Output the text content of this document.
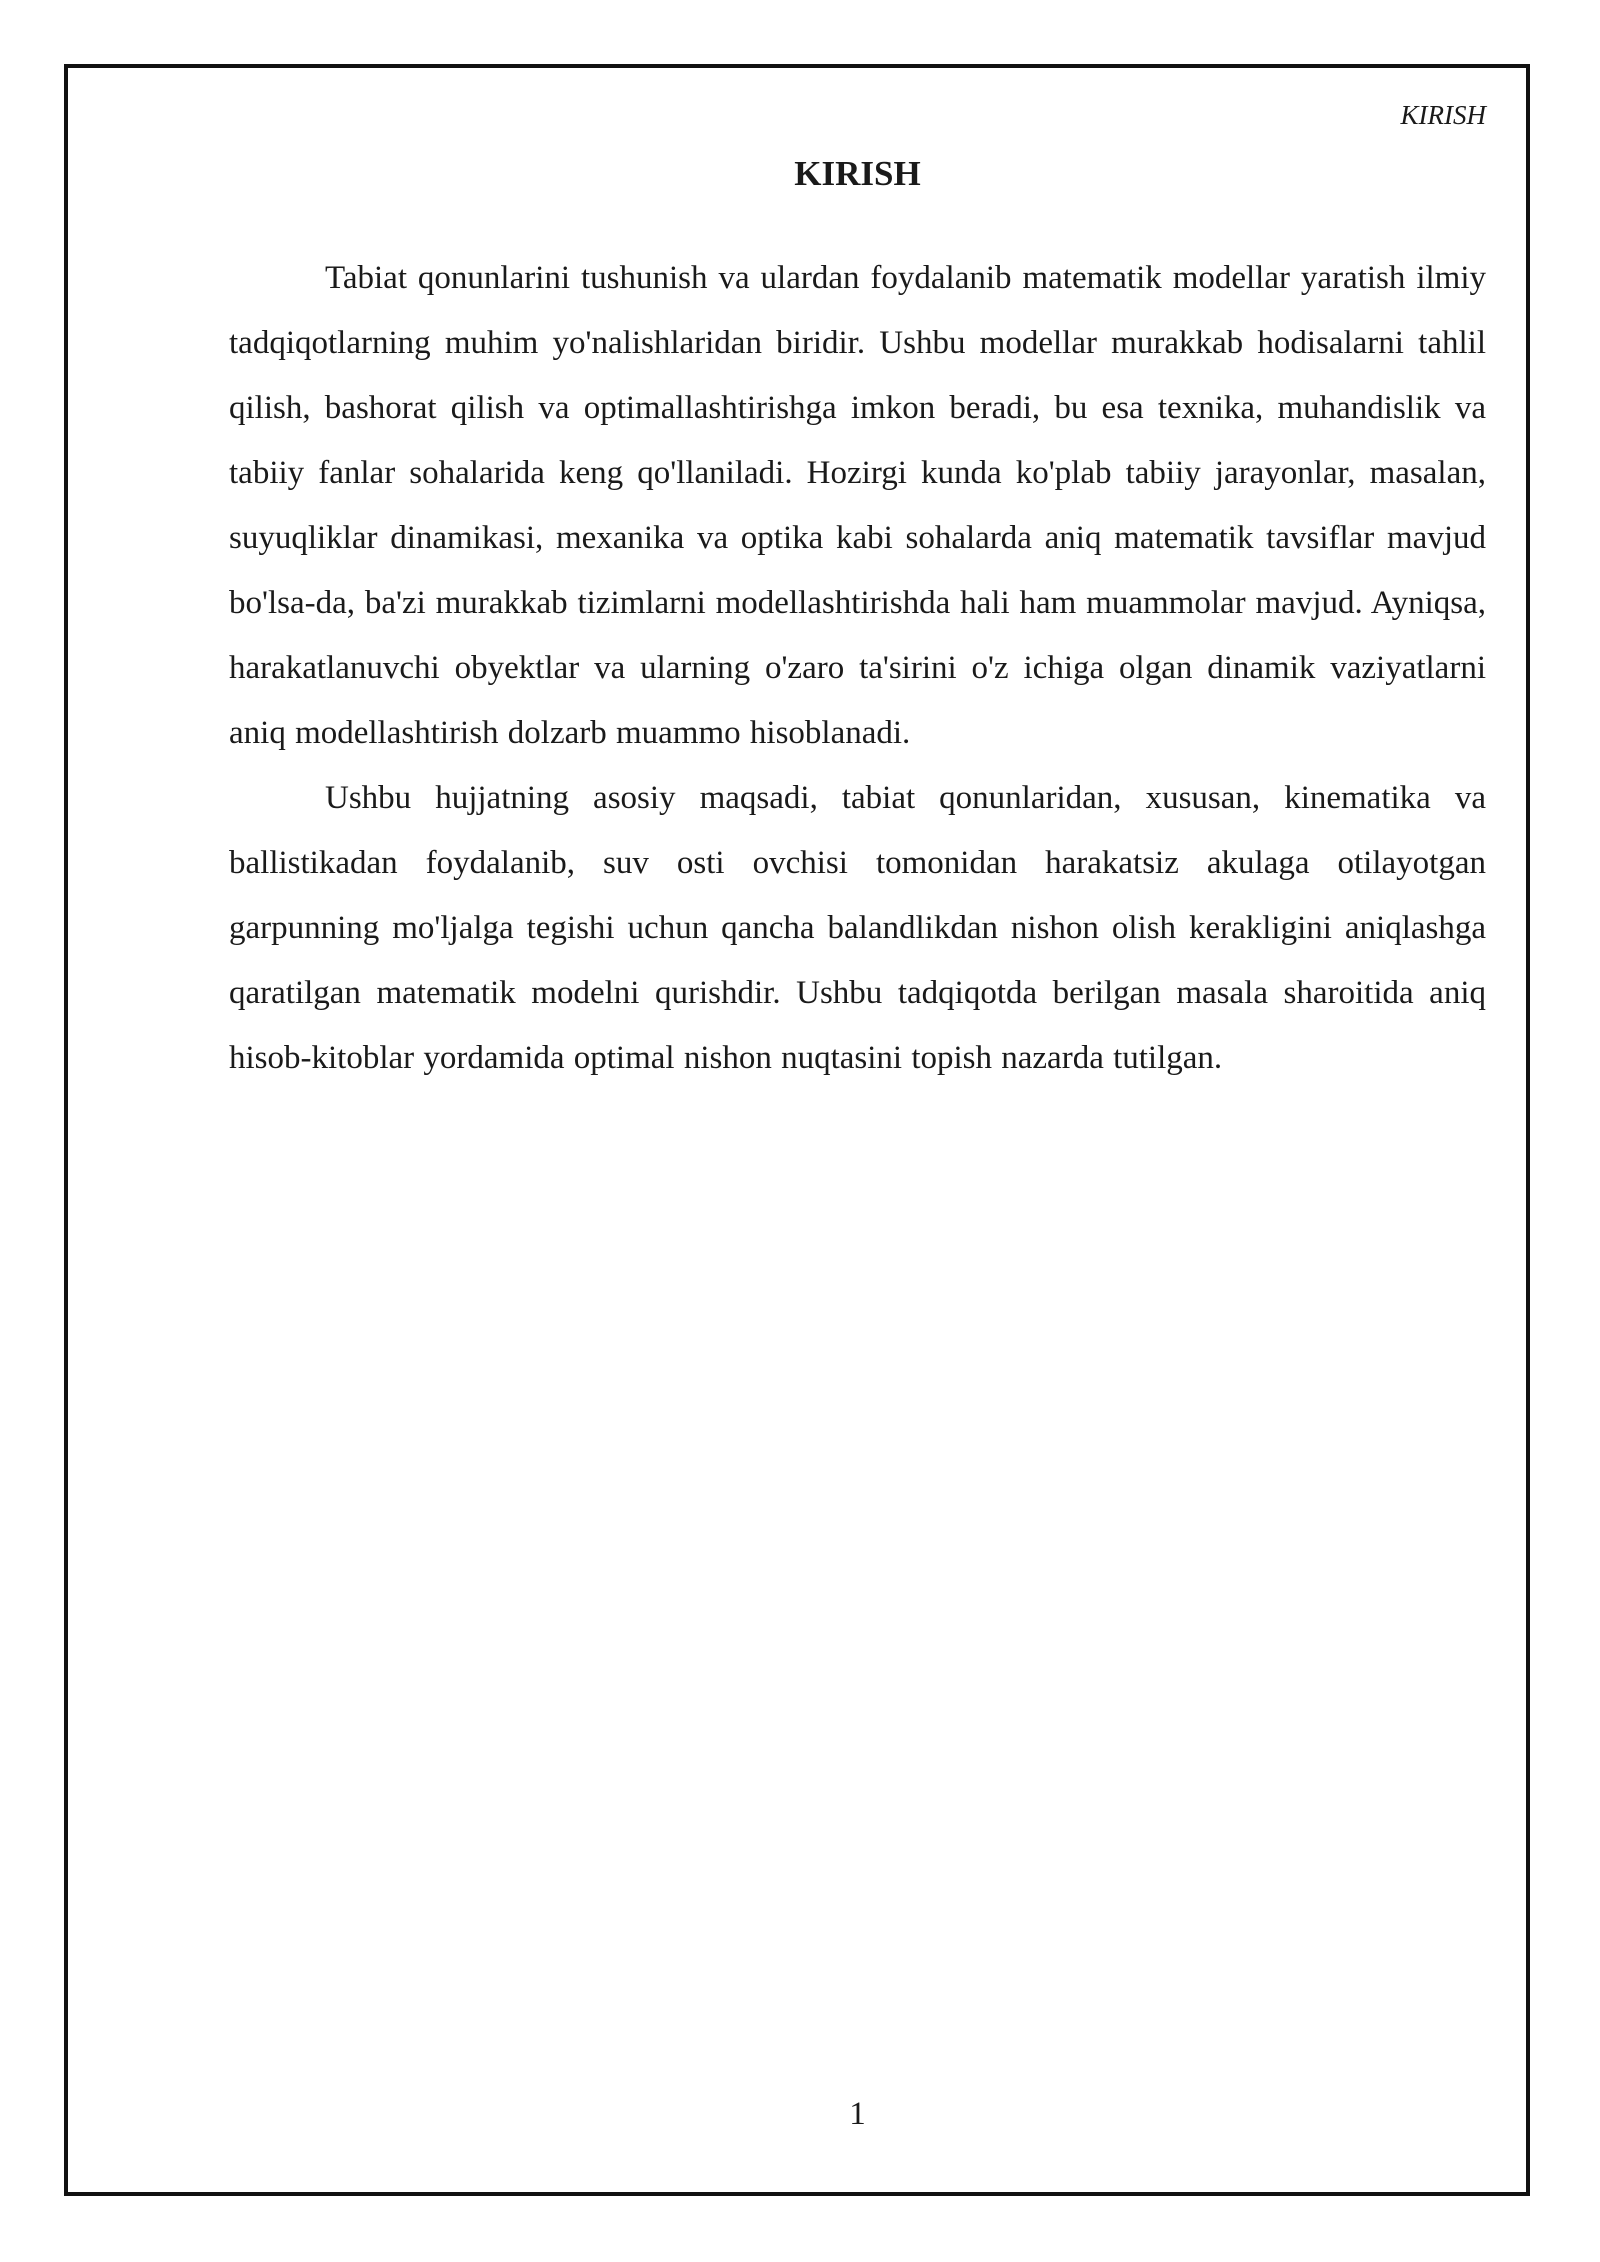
KIRISH
KIRISH

Tabiat qonunlarini tushunish va ulardan foydalanib matematik modellar yaratish ilmiy tadqiqotlarning muhim yo'nalishlaridan biridir. Ushbu modellar murakkab hodisalarni tahlil qilish, bashorat qilish va optimallashtirishga imkon beradi, bu esa texnika, muhandislik va tabiiy fanlar sohalarida keng qo'llaniladi. Hozirgi kunda ko'plab tabiiy jarayonlar, masalan, suyuqliklar dinamikasi, mexanika va optika kabi sohalarda aniq matematik tavsiflar mavjud bo'lsa-da, ba'zi murakkab tizimlarni modellashtirishda hali ham muammolar mavjud. Ayniqsa, harakatlanuvchi obyektlar va ularning o'zaro ta'sirini o'z ichiga olgan dinamik vaziyatlarni aniq modellashtirish dolzarb muammo hisoblanadi.

Ushbu hujjatning asosiy maqsadi, tabiat qonunlaridan, xususan, kinematika va ballistikadan foydalanib, suv osti ovchisi tomonidan harakatsiz akulaga otilayotgan garpunning mo'ljalga tegishi uchun qancha balandlikdan nishon olish kerakligini aniqlashga qaratilgan matematik modelni qurishdir. Ushbu tadqiqotda berilgan masala sharoitida aniq hisob-kitoblar yordamida optimal nishon nuqtasini topish nazarda tutilgan.

1
